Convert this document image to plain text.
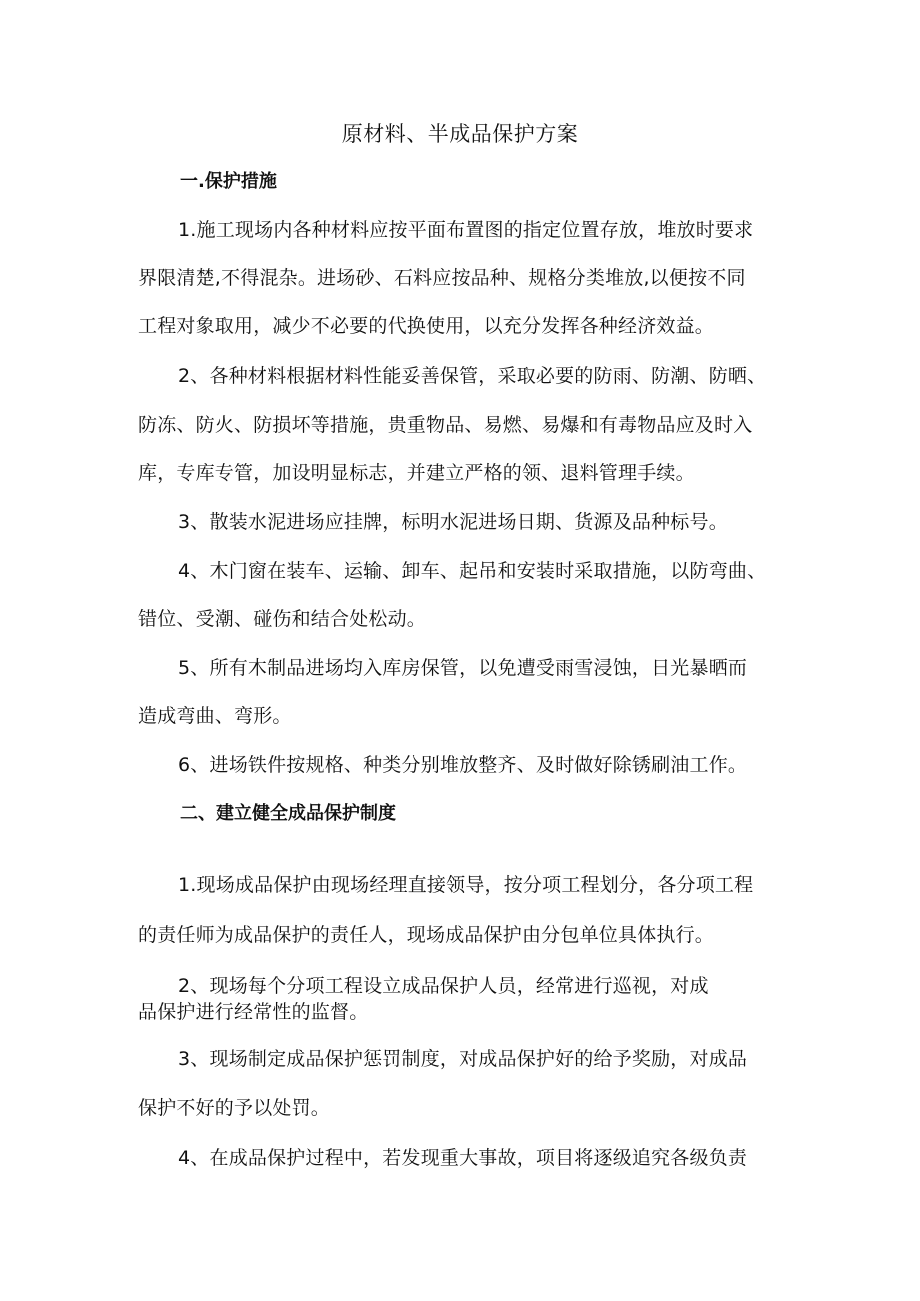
原材料、半成品保护方案
一.保护措施
1.施工现场内各种材料应按平面布置图的指定位置存放，堆放时要求
界限清楚,不得混杂。进场砂、石料应按品种、规格分类堆放,以便按不同
工程对象取用，减少不必要的代换使用，以充分发挥各种经济效益。
2、各种材料根据材料性能妥善保管，采取必要的防雨、防潮、防晒、
防冻、防火、防损坏等措施，贵重物品、易燃、易爆和有毒物品应及时入
库，专库专管，加设明显标志，并建立严格的领、退料管理手续。
3、散装水泥进场应挂牌，标明水泥进场日期、货源及品种标号。
4、木门窗在装车、运输、卸车、起吊和安装时采取措施，以防弯曲、
错位、受潮、碰伤和结合处松动。
5、所有木制品进场均入库房保管，以免遭受雨雪浸蚀，日光暴晒而
造成弯曲、弯形。
6、进场铁件按规格、种类分别堆放整齐、及时做好除锈刷油工作。
二、建立健全成品保护制度
1.现场成品保护由现场经理直接领导，按分项工程划分，各分项工程
的责任师为成品保护的责任人，现场成品保护由分包单位具体执行。
2、现场每个分项工程设立成品保护人员，经常进行巡视，对成
品保护进行经常性的监督。
3、现场制定成品保护惩罚制度，对成品保护好的给予奖励，对成品
保护不好的予以处罚。
4、在成品保护过程中，若发现重大事故，项目将逐级追究各级负责
